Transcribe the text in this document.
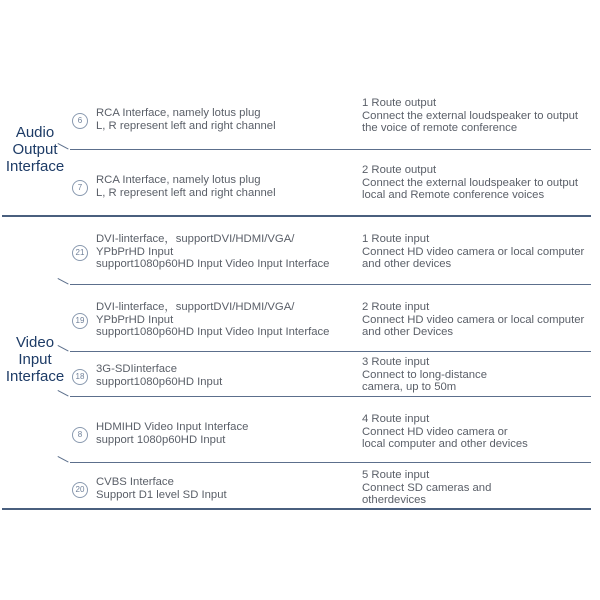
Audio
Output
Interface
Video
Input
Interface
6
RCA Interface, namely lotus plug
L, R represent left and right channel
1 Route output
Connect the external loudspeaker to output
the voice of remote conference
7
RCA Interface, namely lotus plug
L, R represent left and right channel
2 Route output
Connect the external loudspeaker to output
local and Remote conference voices
21
DVI-linterface，supportDVI/HDMI/VGA/
YPbPrHD Input
support1080p60HD Input Video Input Interface
1 Route input
Connect HD video camera or local computer
and other devices
19
DVI-linterface，supportDVI/HDMI/VGA/
YPbPrHD Input
support1080p60HD Input Video Input Interface
2 Route input
Connect HD video camera or local computer
and other Devices
18
3G-SDIinterface
support1080p60HD Input
3 Route input
Connect to long-distance
camera, up to 50m
8
HDMIHD Video Input Interface
support 1080p60HD Input
4 Route input
Connect HD video camera or
local computer and other devices
20
CVBS Interface
Support D1 level SD Input
5 Route input
Connect SD cameras and
otherdevices
